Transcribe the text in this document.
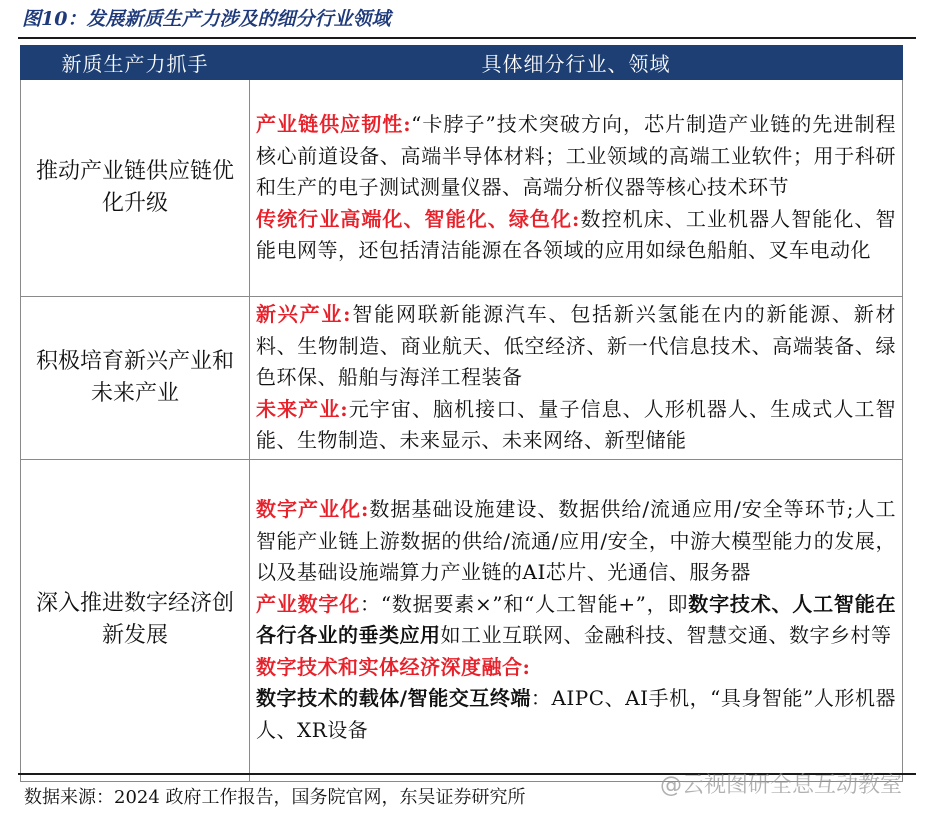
图10：发展新质生产力涉及的细分行业领域
新质生产力抓手	具体细分行业、领域
推动产业链供应链优化升级	产业链供应韧性:“卡脖子”技术突破方向，芯片制造产业链的先进制程核心前道设备、高端半导体材料；工业领域的高端工业软件；用于科研和生产的电子测试测量仪器、高端分析仪器等核心技术环节
传统行业高端化、智能化、绿色化:数控机床、工业机器人智能化、智能电网等，还包括清洁能源在各领域的应用如绿色船舶、叉车电动化
积极培育新兴产业和未来产业	新兴产业:智能网联新能源汽车、包括新兴氢能在内的新能源、新材料、生物制造、商业航天、低空经济、新一代信息技术、高端装备、绿色环保、船舶与海洋工程装备
未来产业:元宇宙、脑机接口、量子信息、人形机器人、生成式人工智能、生物制造、未来显示、未来网络、新型储能
深入推进数字经济创新发展	数字产业化:数据基础设施建设、数据供给/流通应用/安全等环节;人工智能产业链上游数据的供给/流通/应用/安全，中游大模型能力的发展，以及基础设施端算力产业链的AI芯片、光通信、服务器
产业数字化：“数据要素×”和“人工智能+”，即数字技术、人工智能在各行各业的垂类应用如工业互联网、金融科技、智慧交通、数字乡村等
数字技术和实体经济深度融合:
数字技术的载体/智能交互终端：AIPC、AI手机，“具身智能”人形机器人、XR设备
数据来源：2024 政府工作报告，国务院官网，东吴证券研究所	@云视图研全息互动教室
